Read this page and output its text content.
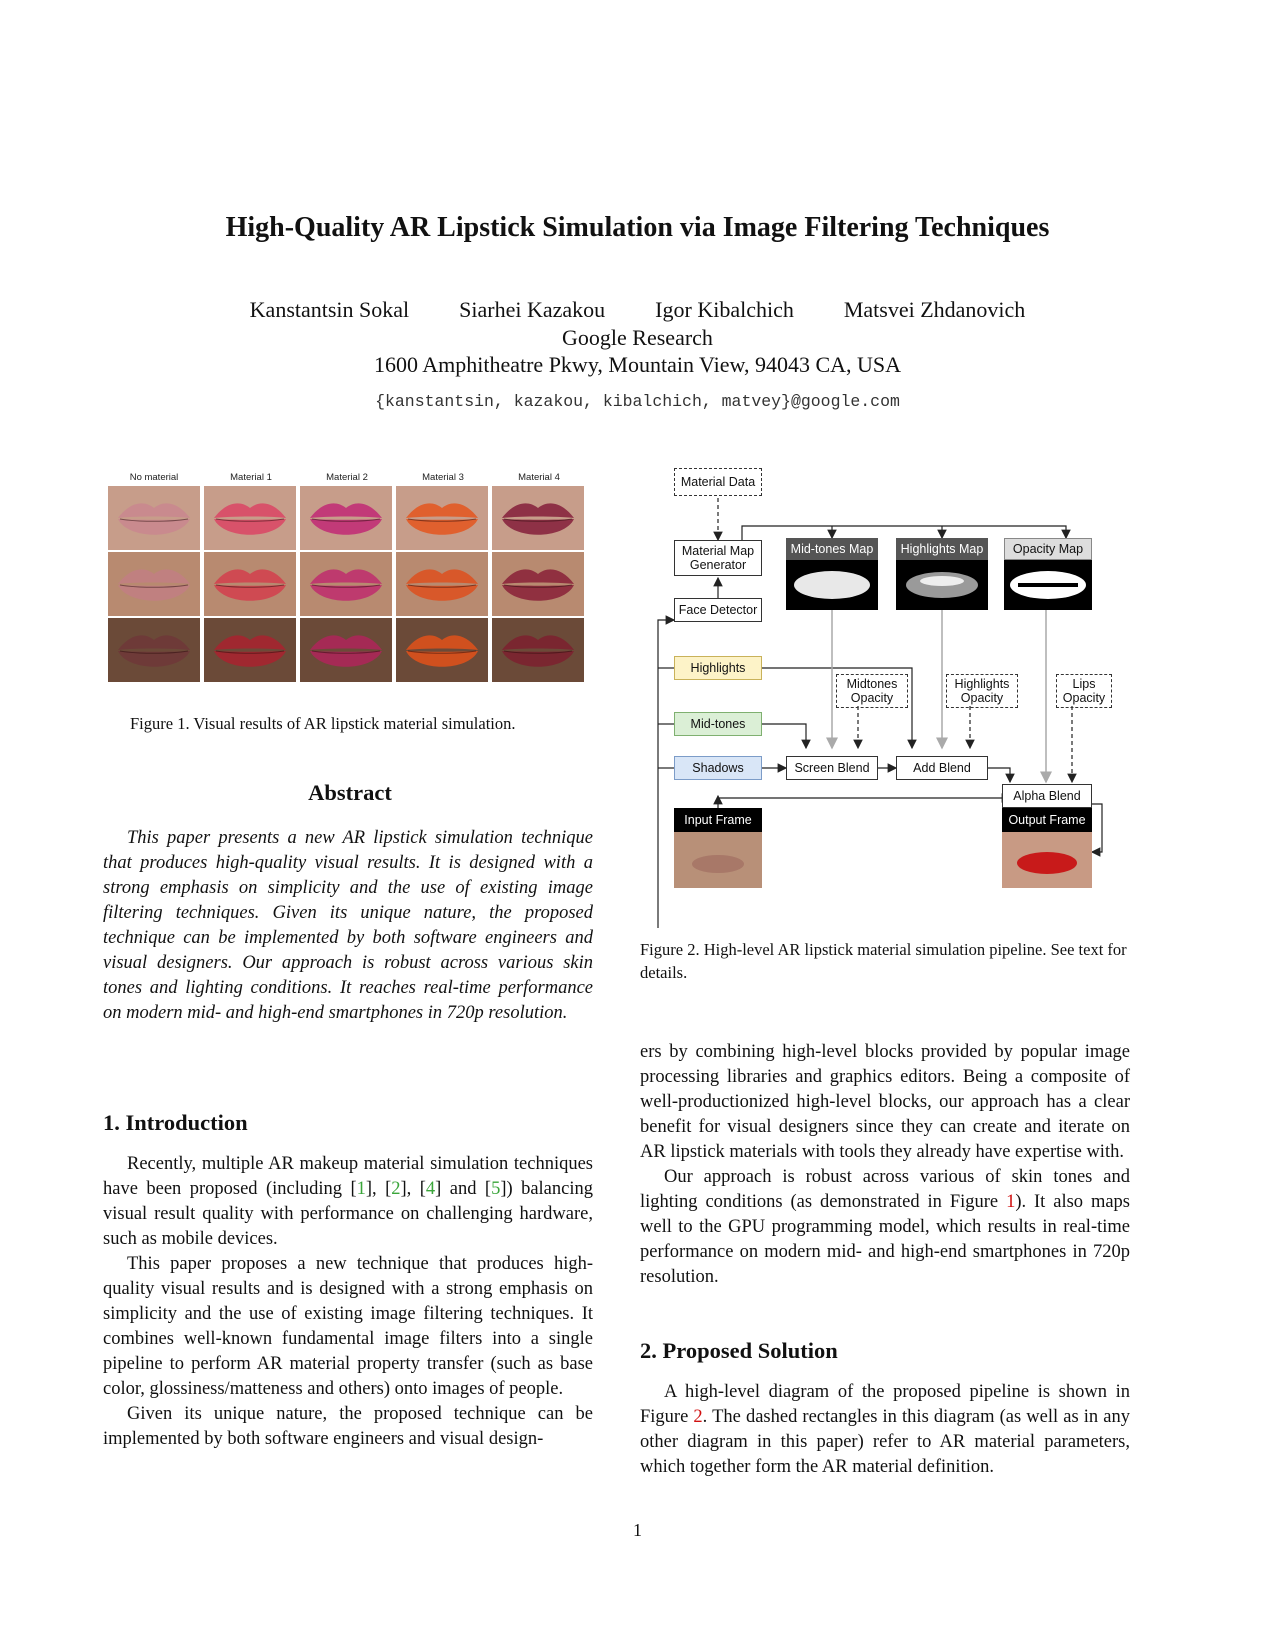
High-Quality AR Lipstick Simulation via Image Filtering Techniques
Kanstantsin Sokal Siarhei Kazakou Igor Kibalchich Matsvei Zhdanovich
Google Research
1600 Amphitheatre Pkwy, Mountain View, 94043 CA, USA
{kanstantsin, kazakou, kibalchich, matvey}@google.com
No material	Material 1	Material 2	Material 3	Material 4
Figure 1. Visual results of AR lipstick material simulation.
Abstract

This paper presents a new AR lipstick simulation technique that produces high-quality visual results. It is designed with a strong emphasis on simplicity and the use of existing image filtering techniques. Given its unique nature, the proposed technique can be implemented by both software engineers and visual designers. Our approach is robust across various skin tones and lighting conditions. It reaches real-time performance on modern mid- and high-end smartphones in 720p resolution.

1. Introduction

Recently, multiple AR makeup material simulation techniques have been proposed (including [1], [2], [4] and [5]) balancing visual result quality with performance on challenging hardware, such as mobile devices.

This paper proposes a new technique that produces high-quality visual results and is designed with a strong emphasis on simplicity and the use of existing image filtering techniques. It combines well-known fundamental image filters into a single pipeline to perform AR material property transfer (such as base color, glossiness/matteness and others) onto images of people.

Given its unique nature, the proposed technique can be implemented by both software engineers and visual design-

Material Data
Material Map Generator
Face Detector
Highlights
Mid-tones
Shadows
Mid-tones Map	Highlights Map	Opacity Map
Midtones Opacity
Highlights Opacity
Lips Opacity
Screen Blend	Add Blend
Alpha Blend
Input Frame	Output Frame
Figure 2. High-level AR lipstick material simulation pipeline. See text for details.

ers by combining high-level blocks provided by popular image processing libraries and graphics editors. Being a composite of well-productionized high-level blocks, our approach has a clear benefit for visual designers since they can create and iterate on AR lipstick materials with tools they already have expertise with.

Our approach is robust across various of skin tones and lighting conditions (as demonstrated in Figure 1). It also maps well to the GPU programming model, which results in real-time performance on modern mid- and high-end smartphones in 720p resolution.

2. Proposed Solution

A high-level diagram of the proposed pipeline is shown in Figure 2. The dashed rectangles in this diagram (as well as in any other diagram in this paper) refer to AR material parameters, which together form the AR material definition.

1
